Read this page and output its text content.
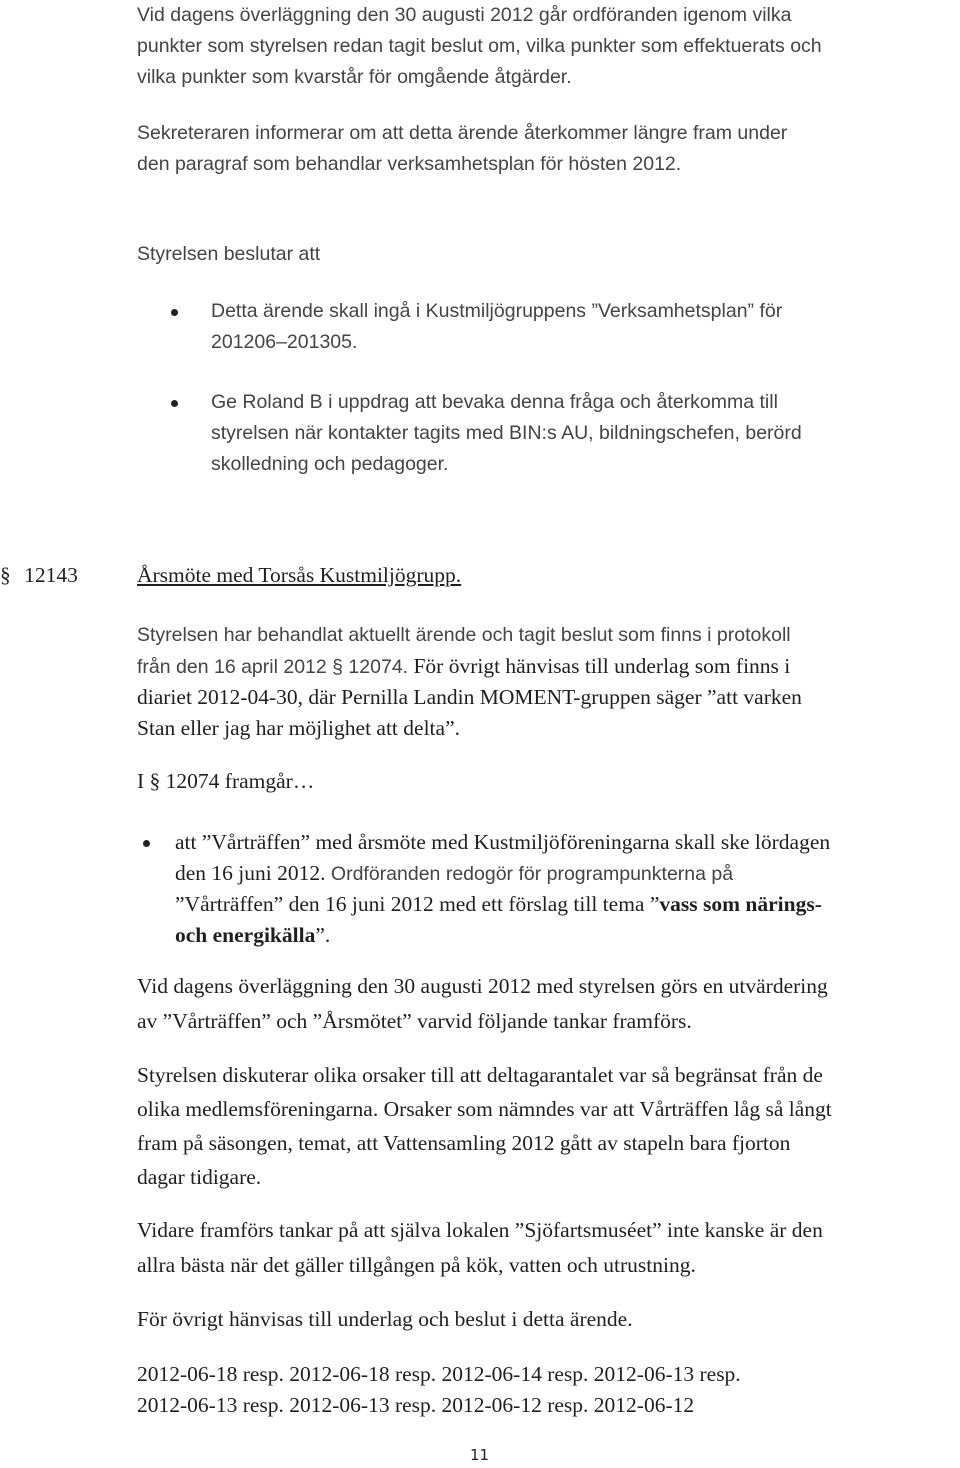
Vid dagens överläggning den 30 augusti 2012 går ordföranden igenom vilka
punkter som styrelsen redan tagit beslut om, vilka punkter som effektuerats och
vilka punkter som kvarstår för omgående åtgärder.
Sekreteraren informerar om att detta ärende återkommer längre fram under
den paragraf som behandlar verksamhetsplan för hösten 2012.
Styrelsen beslutar att
Detta ärende skall ingå i Kustmiljögruppens ”Verksamhetsplan” för
201206–201305.
Ge Roland B i uppdrag att bevaka denna fråga och återkomma till
styrelsen när kontakter tagits med BIN:s AU, bildningschefen, berörd
skolledning och pedagoger.
§ 12143	Årsmöte med Torsås Kustmiljögrupp.
Styrelsen har behandlat aktuellt ärende och tagit beslut som finns i protokoll
från den 16 april 2012 § 12074. För övrigt hänvisas till underlag som finns i
diariet 2012-04-30, där Pernilla Landin MOMENT-gruppen säger ”att varken
Stan eller jag har möjlighet att delta”.
I § 12074 framgår…
att ”Vårträffen” med årsmöte med Kustmiljöföreningarna skall ske lördagen
den 16 juni 2012. Ordföranden redogör för programpunkterna på
”Vårträffen” den 16 juni 2012 med ett förslag till tema ”vass som närings-
och energikälla”.
Vid dagens överläggning den 30 augusti 2012 med styrelsen görs en utvärdering
av ”Vårträffen” och ”Årsmötet” varvid följande tankar framförs.
Styrelsen diskuterar olika orsaker till att deltagarantalet var så begränsat från de
olika medlemsföreningarna. Orsaker som nämndes var att Vårträffen låg så långt
fram på säsongen, temat, att Vattensamling 2012 gått av stapeln bara fjorton
dagar tidigare.
Vidare framförs tankar på att själva lokalen ”Sjöfartsmuséet” inte kanske är den
allra bästa när det gäller tillgången på kök, vatten och utrustning.
För övrigt hänvisas till underlag och beslut i detta ärende.
2012-06-18 resp. 2012-06-18 resp. 2012-06-14 resp. 2012-06-13 resp.
2012-06-13 resp. 2012-06-13 resp. 2012-06-12 resp. 2012-06-12
11
